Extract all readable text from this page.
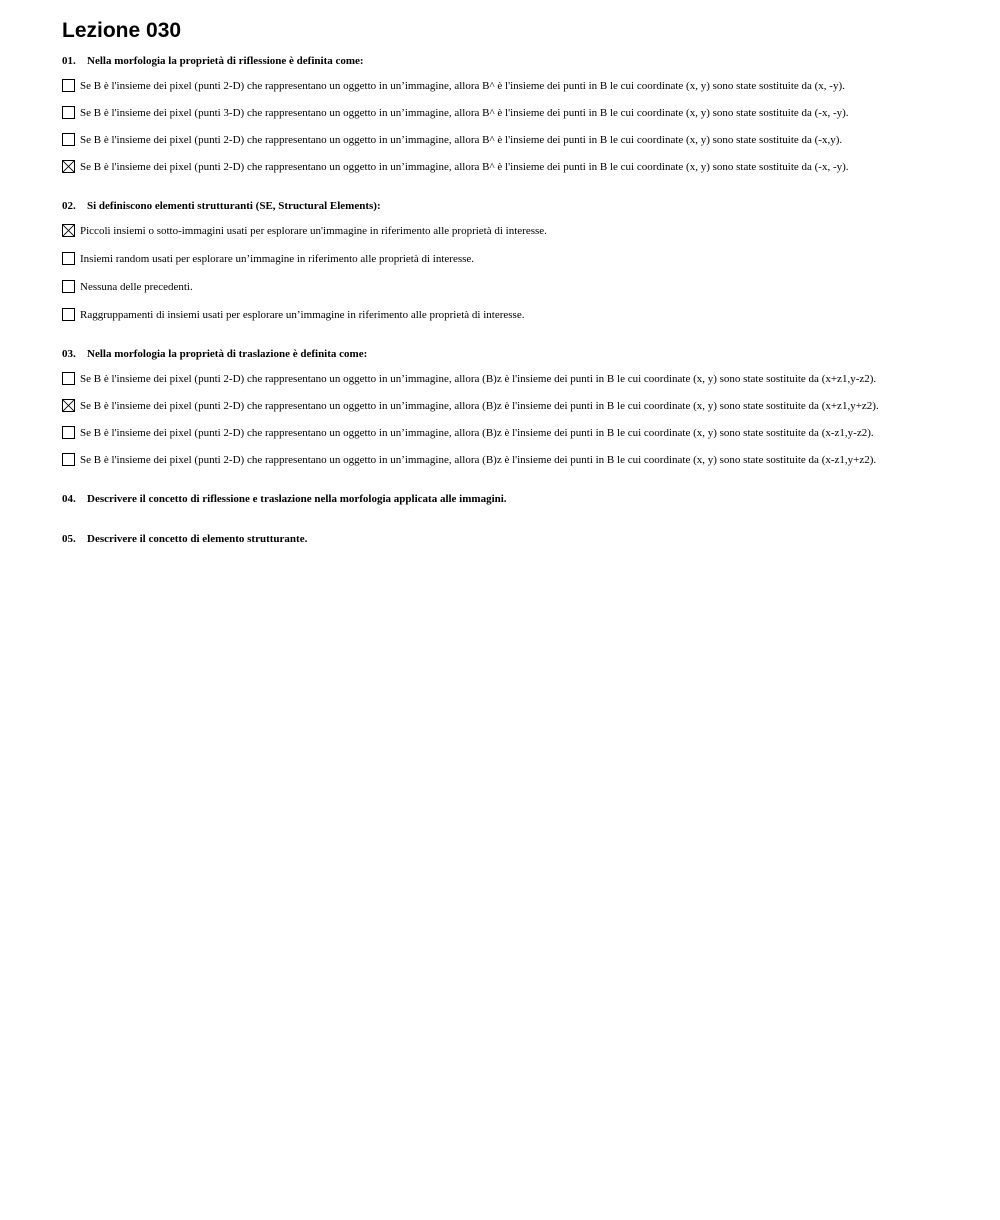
Lezione 030
01.	Nella morfologia la proprietà di riflessione è definita come:
Se B è l'insieme dei pixel (punti 2-D) che rappresentano un oggetto in un’immagine, allora B^ è l'insieme dei punti in B le cui coordinate (x, y) sono state sostituite da (x, -y).
Se B è l'insieme dei pixel (punti 3-D) che rappresentano un oggetto in un’immagine, allora B^ è l'insieme dei punti in B le cui coordinate (x, y) sono state sostituite da (-x, -y).
Se B è l'insieme dei pixel (punti 2-D) che rappresentano un oggetto in un’immagine, allora B^ è l'insieme dei punti in B le cui coordinate (x, y) sono state sostituite da (-x,y).
Se B è l'insieme dei pixel (punti 2-D) che rappresentano un oggetto in un’immagine, allora B^ è l'insieme dei punti in B le cui coordinate (x, y) sono state sostituite da (-x, -y).
02.	Si definiscono elementi strutturanti (SE, Structural Elements):
Piccoli insiemi o sotto-immagini usati per esplorare un'immagine in riferimento alle proprietà di interesse.
Insiemi random usati per esplorare un’immagine in riferimento alle proprietà di interesse.
Nessuna delle precedenti.
Raggruppamenti di insiemi usati per esplorare un’immagine in riferimento alle proprietà di interesse.
03.	Nella morfologia la proprietà di traslazione è definita come:
Se B è l'insieme dei pixel (punti 2-D) che rappresentano un oggetto in un’immagine, allora (B)z è l'insieme dei punti in B le cui coordinate (x, y) sono state sostituite da (x+z1,y-z2).
Se B è l'insieme dei pixel (punti 2-D) che rappresentano un oggetto in un’immagine, allora (B)z è l'insieme dei punti in B le cui coordinate (x, y) sono state sostituite da (x+z1,y+z2).
Se B è l'insieme dei pixel (punti 2-D) che rappresentano un oggetto in un’immagine, allora (B)z è l'insieme dei punti in B le cui coordinate (x, y) sono state sostituite da (x-z1,y-z2).
Se B è l'insieme dei pixel (punti 2-D) che rappresentano un oggetto in un’immagine, allora (B)z è l'insieme dei punti in B le cui coordinate (x, y) sono state sostituite da (x-z1,y+z2).
04.	Descrivere il concetto di riflessione e traslazione nella morfologia applicata alle immagini.
05.	Descrivere il concetto di elemento strutturante.
